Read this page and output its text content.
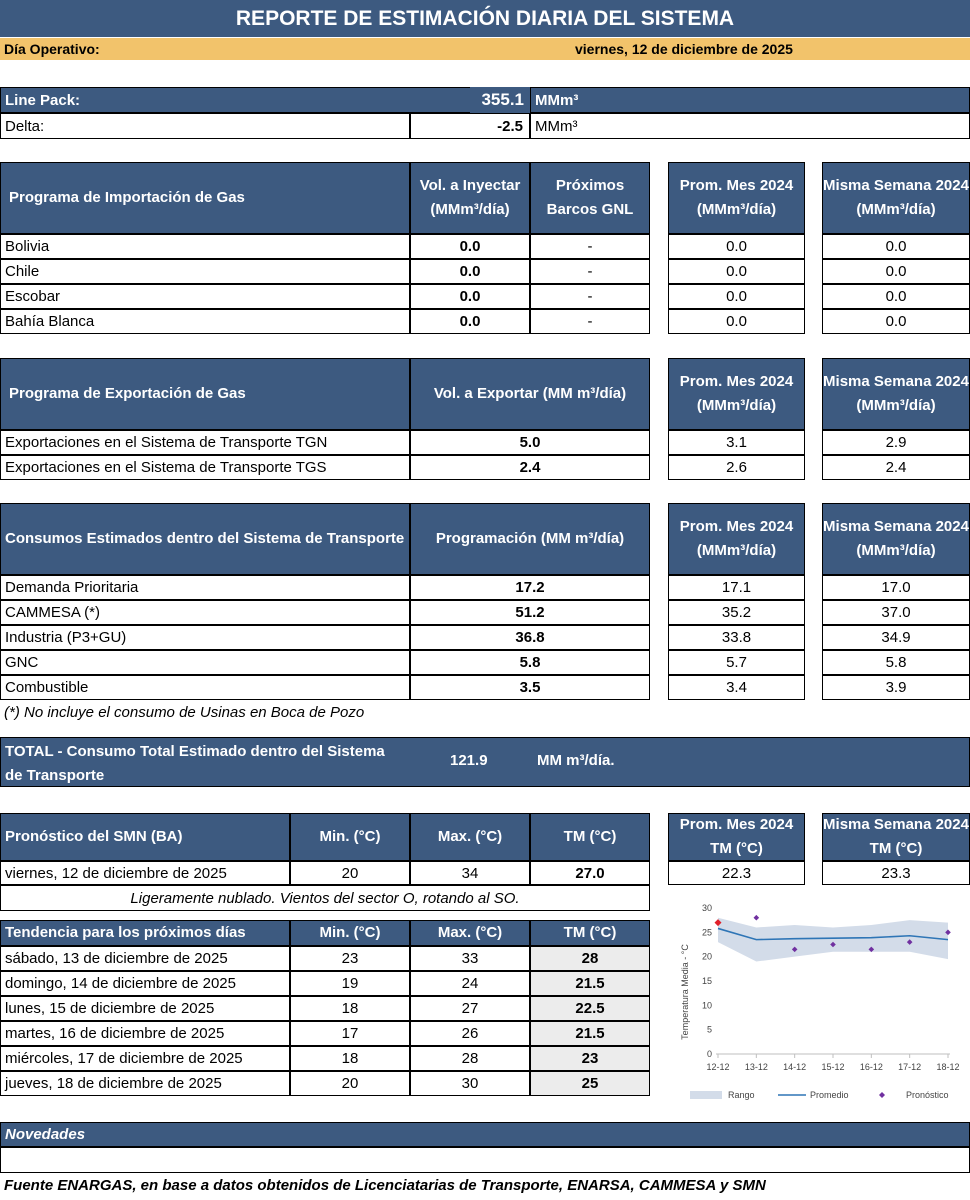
REPORTE DE ESTIMACIÓN DIARIA DEL SISTEMA
Día Operativo:	viernes, 12 de diciembre de 2025
Line Pack:	355.1 MMm³
Delta:	-2.5 MMm³
Programa de Importación de Gas
Vol. a Inyectar (MMm³/día)
Próximos Barcos GNL
Prom. Mes 2024 (MMm³/día)
Misma Semana 2024 (MMm³/día)
Bolivia	0.0	-	0.0	0.0
Chile	0.0	-	0.0	0.0
Escobar	0.0	-	0.0	0.0
Bahía Blanca	0.0	-	0.0	0.0
Programa de Exportación de Gas	Vol. a Exportar (MM m³/día)
Prom. Mes 2024 (MMm³/día)
Misma Semana 2024 (MMm³/día)
Exportaciones en el Sistema de Transporte TGN	5.0	3.1	2.9
Exportaciones en el Sistema de Transporte TGS	2.4	2.6	2.4
Consumos Estimados dentro del Sistema de Transporte	Programación (MM m³/día)
Prom. Mes 2024 (MMm³/día)
Misma Semana 2024 (MMm³/día)
Demanda Prioritaria	17.2	17.1	17.0
CAMMESA (*)	51.2	35.2	37.0
Industria (P3+GU)	36.8	33.8	34.9
GNC	5.8	5.7	5.8
Combustible	3.5	3.4	3.9
(*) No incluye el consumo de Usinas en Boca de Pozo
TOTAL - Consumo Total Estimado dentro del Sistema de Transporte
121.9	MM m³/día.
Pronóstico del SMN (BA)	Min. (°C)	Max. (°C)	TM (°C)
Prom. Mes 2024 TM (°C)
Misma Semana 2024 TM (°C)
viernes, 12 de diciembre de 2025	20	34	27.0	22.3	23.3
Ligeramente nublado. Vientos del sector O, rotando al SO.
Tendencia para los próximos días	Min. (°C)	Max. (°C)	TM (°C)
sábado, 13 de diciembre de 2025	23	33	28
domingo, 14 de diciembre de 2025	19	24	21.5
lunes, 15 de diciembre de 2025	18	27	22.5
martes, 16 de diciembre de 2025	17	26	21.5
miércoles, 17 de diciembre de 2025	18	28	23
jueves, 18 de diciembre de 2025	20	30	25
Temperatura Media - °C
0
5
10
15
20
25
30
12-12 13-12 14-12 15-12 16-12 17-12 18-12
Rango	Promedio	Pronóstico
Novedades
Fuente ENARGAS, en base a datos obtenidos de Licenciatarias de Transporte, ENARSA, CAMMESA y SMN
